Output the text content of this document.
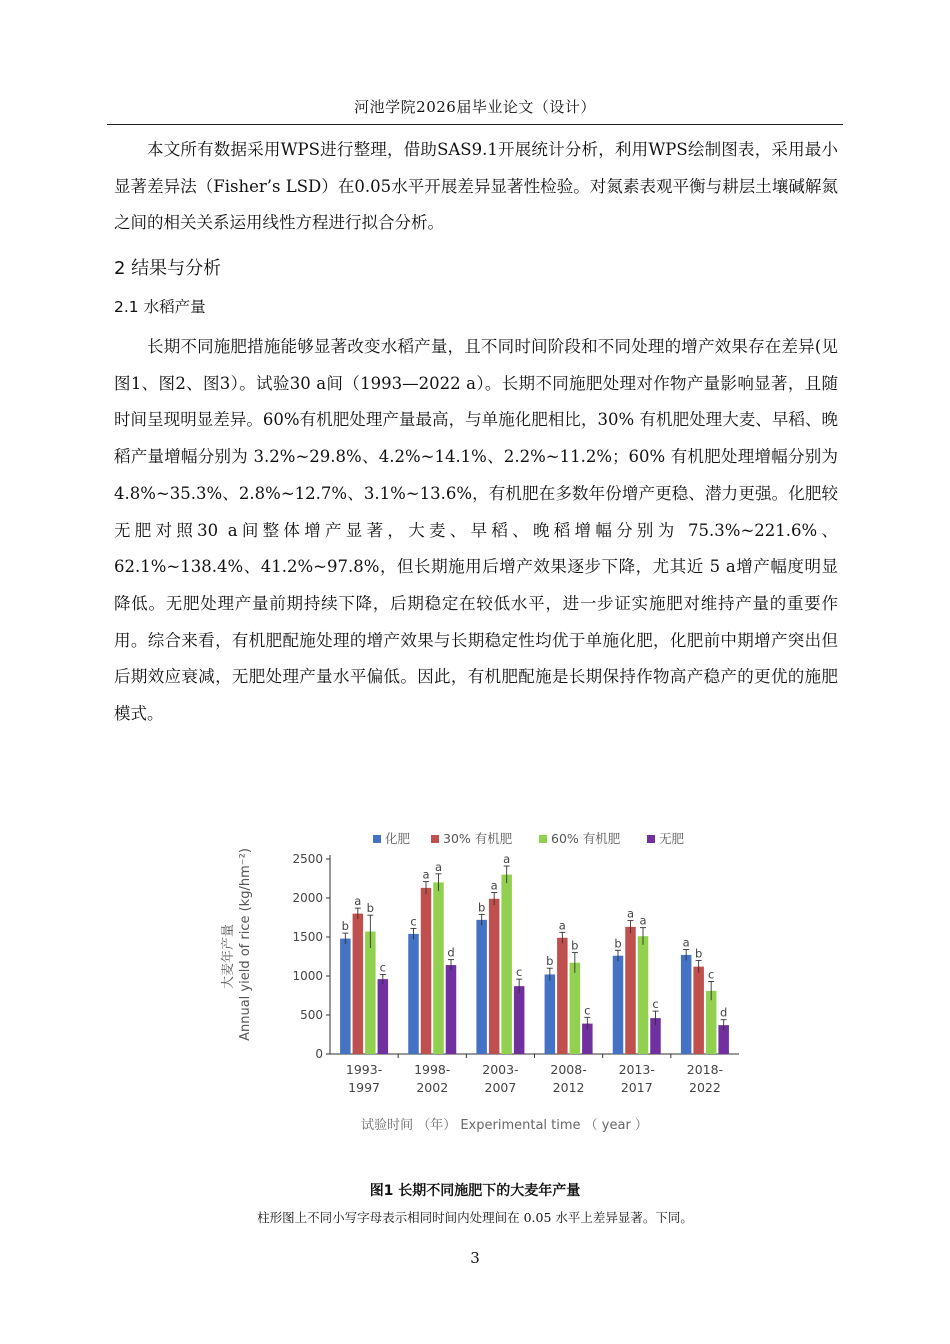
河池学院2026届毕业论文（设计）

本文所有数据采用WPS进行整理，借助SAS9.1开展统计分析，利用WPS绘制图表，采用最小显著差异法（Fisher’s LSD）在0.05水平开展差异显著性检验。对氮素表观平衡与耕层土壤碱解氮之间的相关关系运用线性方程进行拟合分析。

2 结果与分析
2.1 水稻产量

长期不同施肥措施能够显著改变水稻产量，且不同时间阶段和不同处理的增产效果存在差异(见图1、图2、图3）。试验30 a间（1993—2022 a）。长期不同施肥处理对作物产量影响显著，且随时间呈现明显差异。60%有机肥处理产量最高，与单施化肥相比，30% 有机肥处理大麦、早稻、晚稻产量增幅分别为 3.2%~29.8%、4.2%~14.1%、2.2%~11.2%；60% 有机肥处理增幅分别为 4.8%~35.3%、2.8%~12.7%、3.1%~13.6%，有机肥在多数年份增产更稳、潜力更强。化肥较无肥对照30 a间整体增产显著，大麦、早稻、晚稻增幅分别为 75.3%~221.6%、62.1%~138.4%、41.2%~97.8%，但长期施用后增产效果逐步下降，尤其近 5 a增产幅度明显降低。无肥处理产量前期持续下降，后期稳定在较低水平，进一步证实施肥对维持产量的重要作用。综合来看，有机肥配施处理的增产效果与长期稳定性均优于单施化肥，化肥前中期增产突出但后期效应衰减，无肥处理产量水平偏低。因此，有机肥配施是长期保持作物高产稳产的更优的施肥模式。

大麦年产量 Annual yield of rice (kg/hm⁻²)
0
500
1000
1500
2000
2500
1993-
1997
b
a
b
c
1998-
2002
c
a
a
d
2003-
2007
b
a
a
c
2008-
2012
b
a
b
c
2013-
2017
b
a
a
c
2018-
2022
a
b
c
d
化肥	30% 有机肥	60% 有机肥	无肥
试验时间 （年） Experimental time （ year ）
图1 长期不同施肥下的大麦年产量
柱形图上不同小写字母表示相同时间内处理间在 0.05 水平上差异显著。下同。
3
